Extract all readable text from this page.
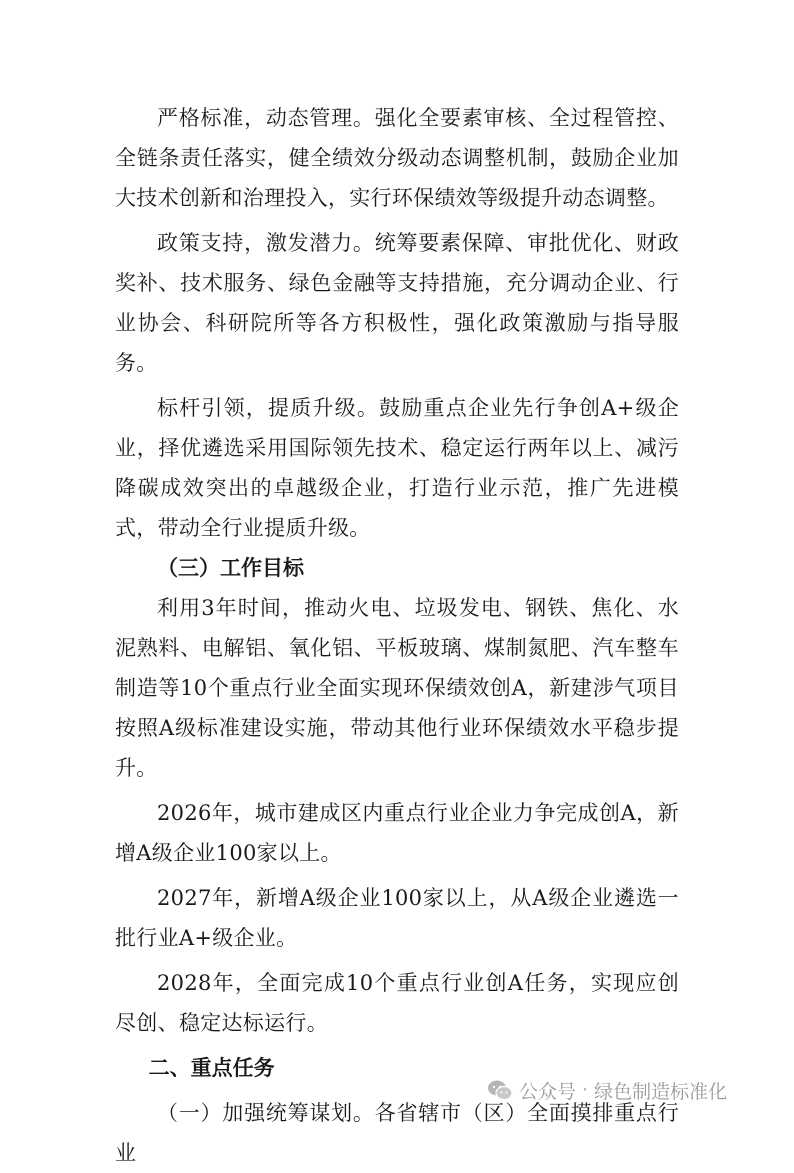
严格标准，动态管理。强化全要素审核、全过程管控、全链条责任落实，健全绩效分级动态调整机制，鼓励企业加大技术创新和治理投入，实行环保绩效等级提升动态调整。

政策支持，激发潜力。统筹要素保障、审批优化、财政奖补、技术服务、绿色金融等支持措施，充分调动企业、行业协会、科研院所等各方积极性，强化政策激励与指导服务。

标杆引领，提质升级。鼓励重点企业先行争创A+级企业，择优遴选采用国际领先技术、稳定运行两年以上、减污降碳成效突出的卓越级企业，打造行业示范，推广先进模式，带动全行业提质升级。

（三）工作目标

利用3年时间，推动火电、垃圾发电、钢铁、焦化、水泥熟料、电解铝、氧化铝、平板玻璃、煤制氮肥、汽车整车制造等10个重点行业全面实现环保绩效创A，新建涉气项目按照A级标准建设实施，带动其他行业环保绩效水平稳步提升。

2026年，城市建成区内重点行业企业力争完成创A，新增A级企业100家以上。

2027年，新增A级企业100家以上，从A级企业遴选一批行业A+级企业。

2028年，全面完成10个重点行业创A任务，实现应创尽创、稳定达标运行。

二、重点任务

（一）加强统筹谋划。各省辖市（区）全面摸排重点行业

公众号 · 绿色制造标准化
